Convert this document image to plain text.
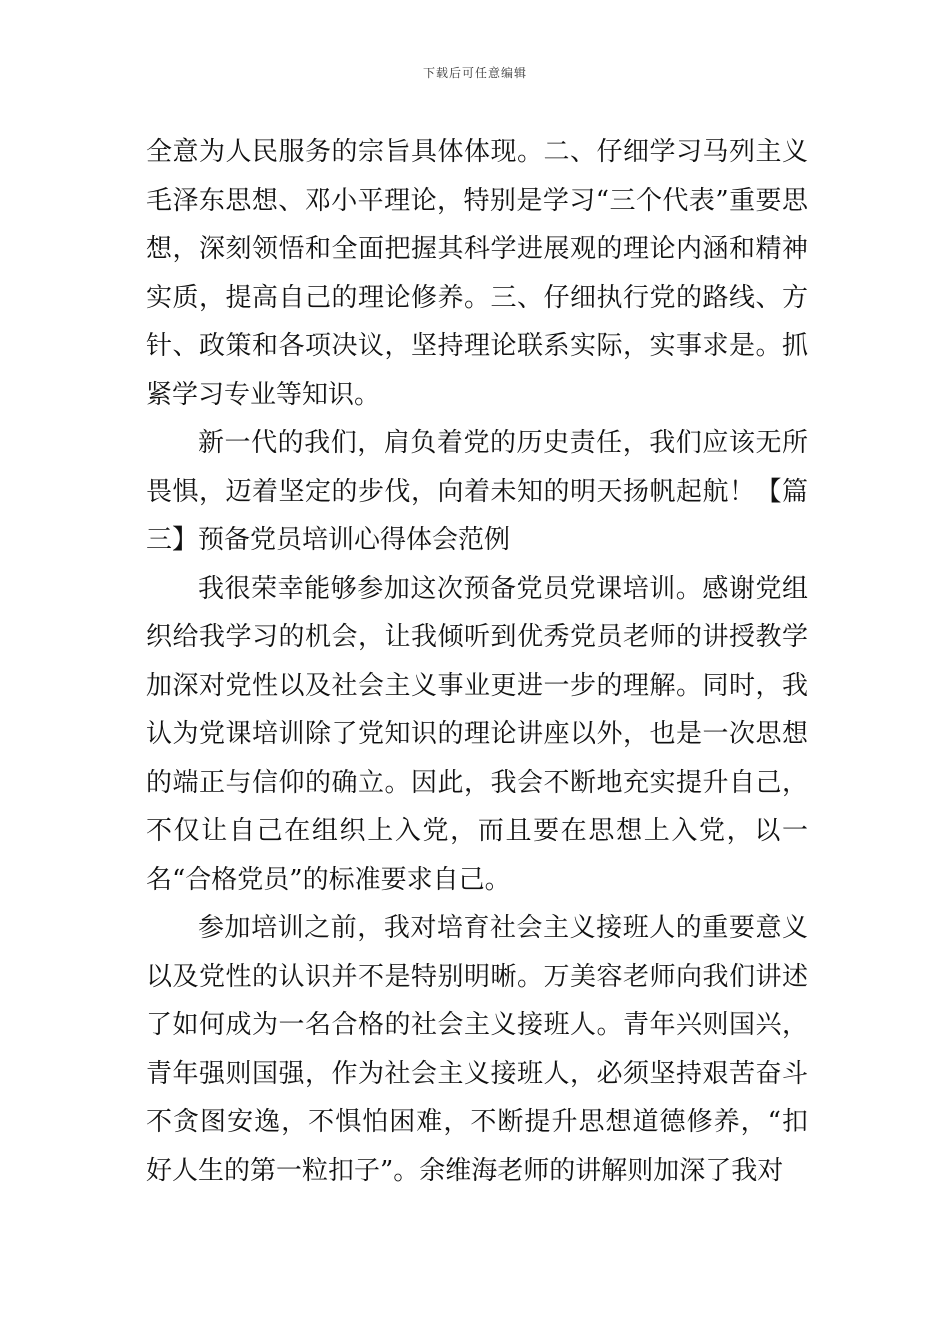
下载后可任意编辑

全意为人民服务的宗旨具体体现。二、仔细学习马列主义毛泽东思想、邓小平理论，特别是学习“三个代表”重要思想，深刻领悟和全面把握其科学进展观的理论内涵和精神实质，提高自己的理论修养。三、仔细执行党的路线、方针、政策和各项决议，坚持理论联系实际，实事求是。抓紧学习专业等知识。

新一代的我们，肩负着党的历史责任，我们应该无所畏惧，迈着坚定的步伐，向着未知的明天扬帆起航！【篇三】预备党员培训心得体会范例

我很荣幸能够参加这次预备党员党课培训。感谢党组织给我学习的机会，让我倾听到优秀党员老师的讲授教学加深对党性以及社会主义事业更进一步的理解。同时，我认为党课培训除了党知识的理论讲座以外，也是一次思想的端正与信仰的确立。因此，我会不断地充实提升自己，不仅让自己在组织上入党，而且要在思想上入党，以一名“合格党员”的标准要求自己。

参加培训之前，我对培育社会主义接班人的重要意义以及党性的认识并不是特别明晰。万美容老师向我们讲述了如何成为一名合格的社会主义接班人。青年兴则国兴，青年强则国强，作为社会主义接班人，必须坚持艰苦奋斗不贪图安逸，不惧怕困难，不断提升思想道德修养，“扣好人生的第一粒扣子”。余维海老师的讲解则加深了我对
